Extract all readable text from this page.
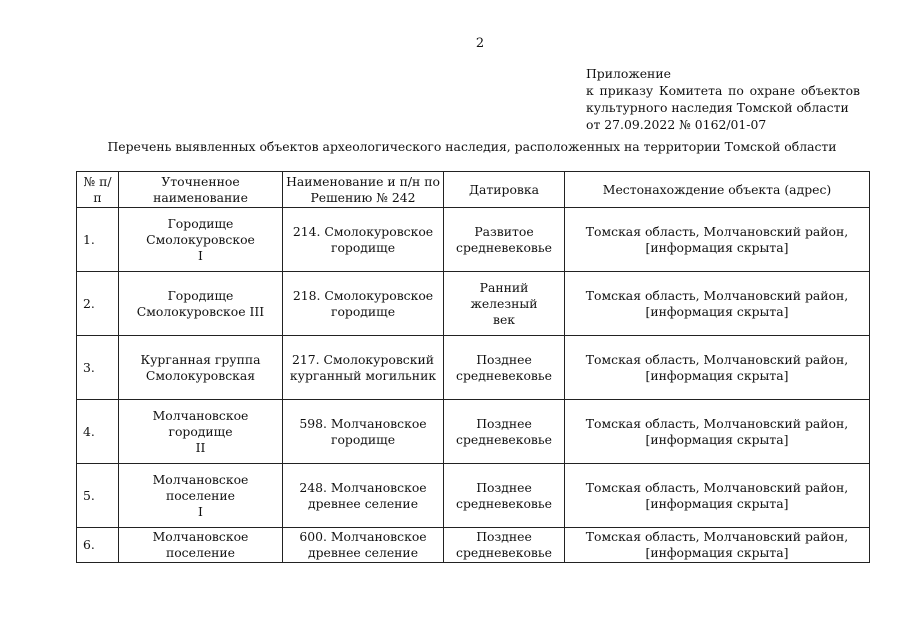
2
Приложение
к приказу Комитета по охране объектов
культурного наследия Томской области
от 27.09.2022 № 0162/01-07
Перечень выявленных объектов археологического наследия, расположенных на территории Томской области
№ п/п	Уточненное наименование	Наименование и п/н по Решению № 242	Датировка	Местонахождение объекта (адрес)

1.	Городище
Смолокуровское
I	214. Смолокуровское
городище	Развитое
средневековье	Томская область, Молчановский район,
[информация скрыта]

2.	Городище
Смолокуровское III	218. Смолокуровское
городище	Ранний железный
век	Томская область, Молчановский район,
[информация скрыта]

3.	Курганная группа
Смолокуровская	217. Смолокуровский
курганный могильник	Позднее
средневековье	Томская область, Молчановский район,
[информация скрыта]

4.	Молчановское городище
II	598. Молчановское
городище	Позднее
средневековье	Томская область, Молчановский район,
[информация скрыта]

5.	Молчановское поселение
I	248. Молчановское
древнее селение	Позднее
средневековье	Томская область, Молчановский район,
[информация скрыта]

6.	Молчановское поселение	600. Молчановское
древнее селение	Позднее
средневековье	Томская область, Молчановский район,
[информация скрыта]
